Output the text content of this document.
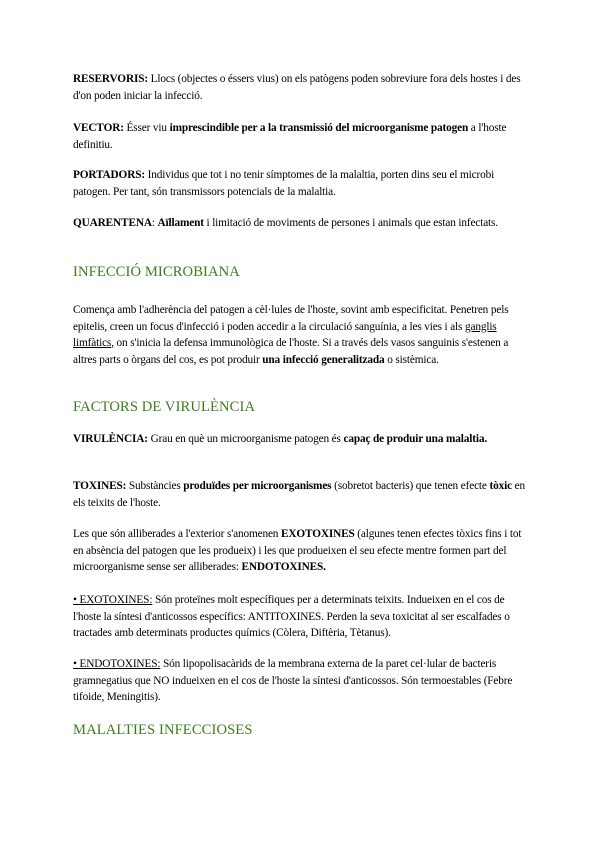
RESERVORIS: Llocs (objectes o éssers vius) on els patògens poden sobreviure fora dels hostes i des d'on poden iniciar la infecció.
VECTOR: Ésser viu imprescindible per a la transmissió del microorganisme patogen a l'hoste definitiu.
PORTADORS: Individus que tot i no tenir símptomes de la malaltia, porten dins seu el microbi patogen. Per tant, són transmissors potencials de la malaltia.
QUARENTENA: Aïllament i limitació de moviments de persones i animals que estan infectats.
INFECCIÓ MICROBIANA
Comença amb l'adherència del patogen a cèl·lules de l'hoste, sovint amb especificitat. Penetren pels epitelis, creen un focus d'infecció i poden accedir a la circulació sanguínia, a les vies i als ganglis limfàtics, on s'inicia la defensa immunològica de l'hoste. Si a través dels vasos sanguinis s'estenen a altres parts o òrgans del cos, es pot produir una infecció generalitzada o sistèmica.
FACTORS DE VIRULÈNCIA
VIRULÈNCIA: Grau en què un microorganisme patogen és capaç de produir una malaltia.
TOXINES: Substàncies produïdes per microorganismes (sobretot bacteris) que tenen efecte tòxic en els teixits de l'hoste.
Les que són alliberades a l'exterior s'anomenen EXOTOXINES (algunes tenen efectes tòxics fins i tot en absència del patogen que les produeix) i les que produeixen el seu efecte mentre formen part del microorganisme sense ser alliberades: ENDOTOXINES.
• EXOTOXINES: Són proteïnes molt específiques per a determinats teixits. Indueixen en el cos de l'hoste la síntesi d'anticossos específics: ANTITOXINES. Perden la seva toxicitat al ser escalfades o tractades amb determinats productes químics (Còlera, Diftèria, Tètanus).
• ENDOTOXINES: Són lipopolisacàrids de la membrana externa de la paret cel·lular de bacteris gramnegatius que NO indueixen en el cos de l'hoste la síntesi d'anticossos. Són termoestables (Febre tifoide, Meningitis).
MALALTIES INFECCIOSES
